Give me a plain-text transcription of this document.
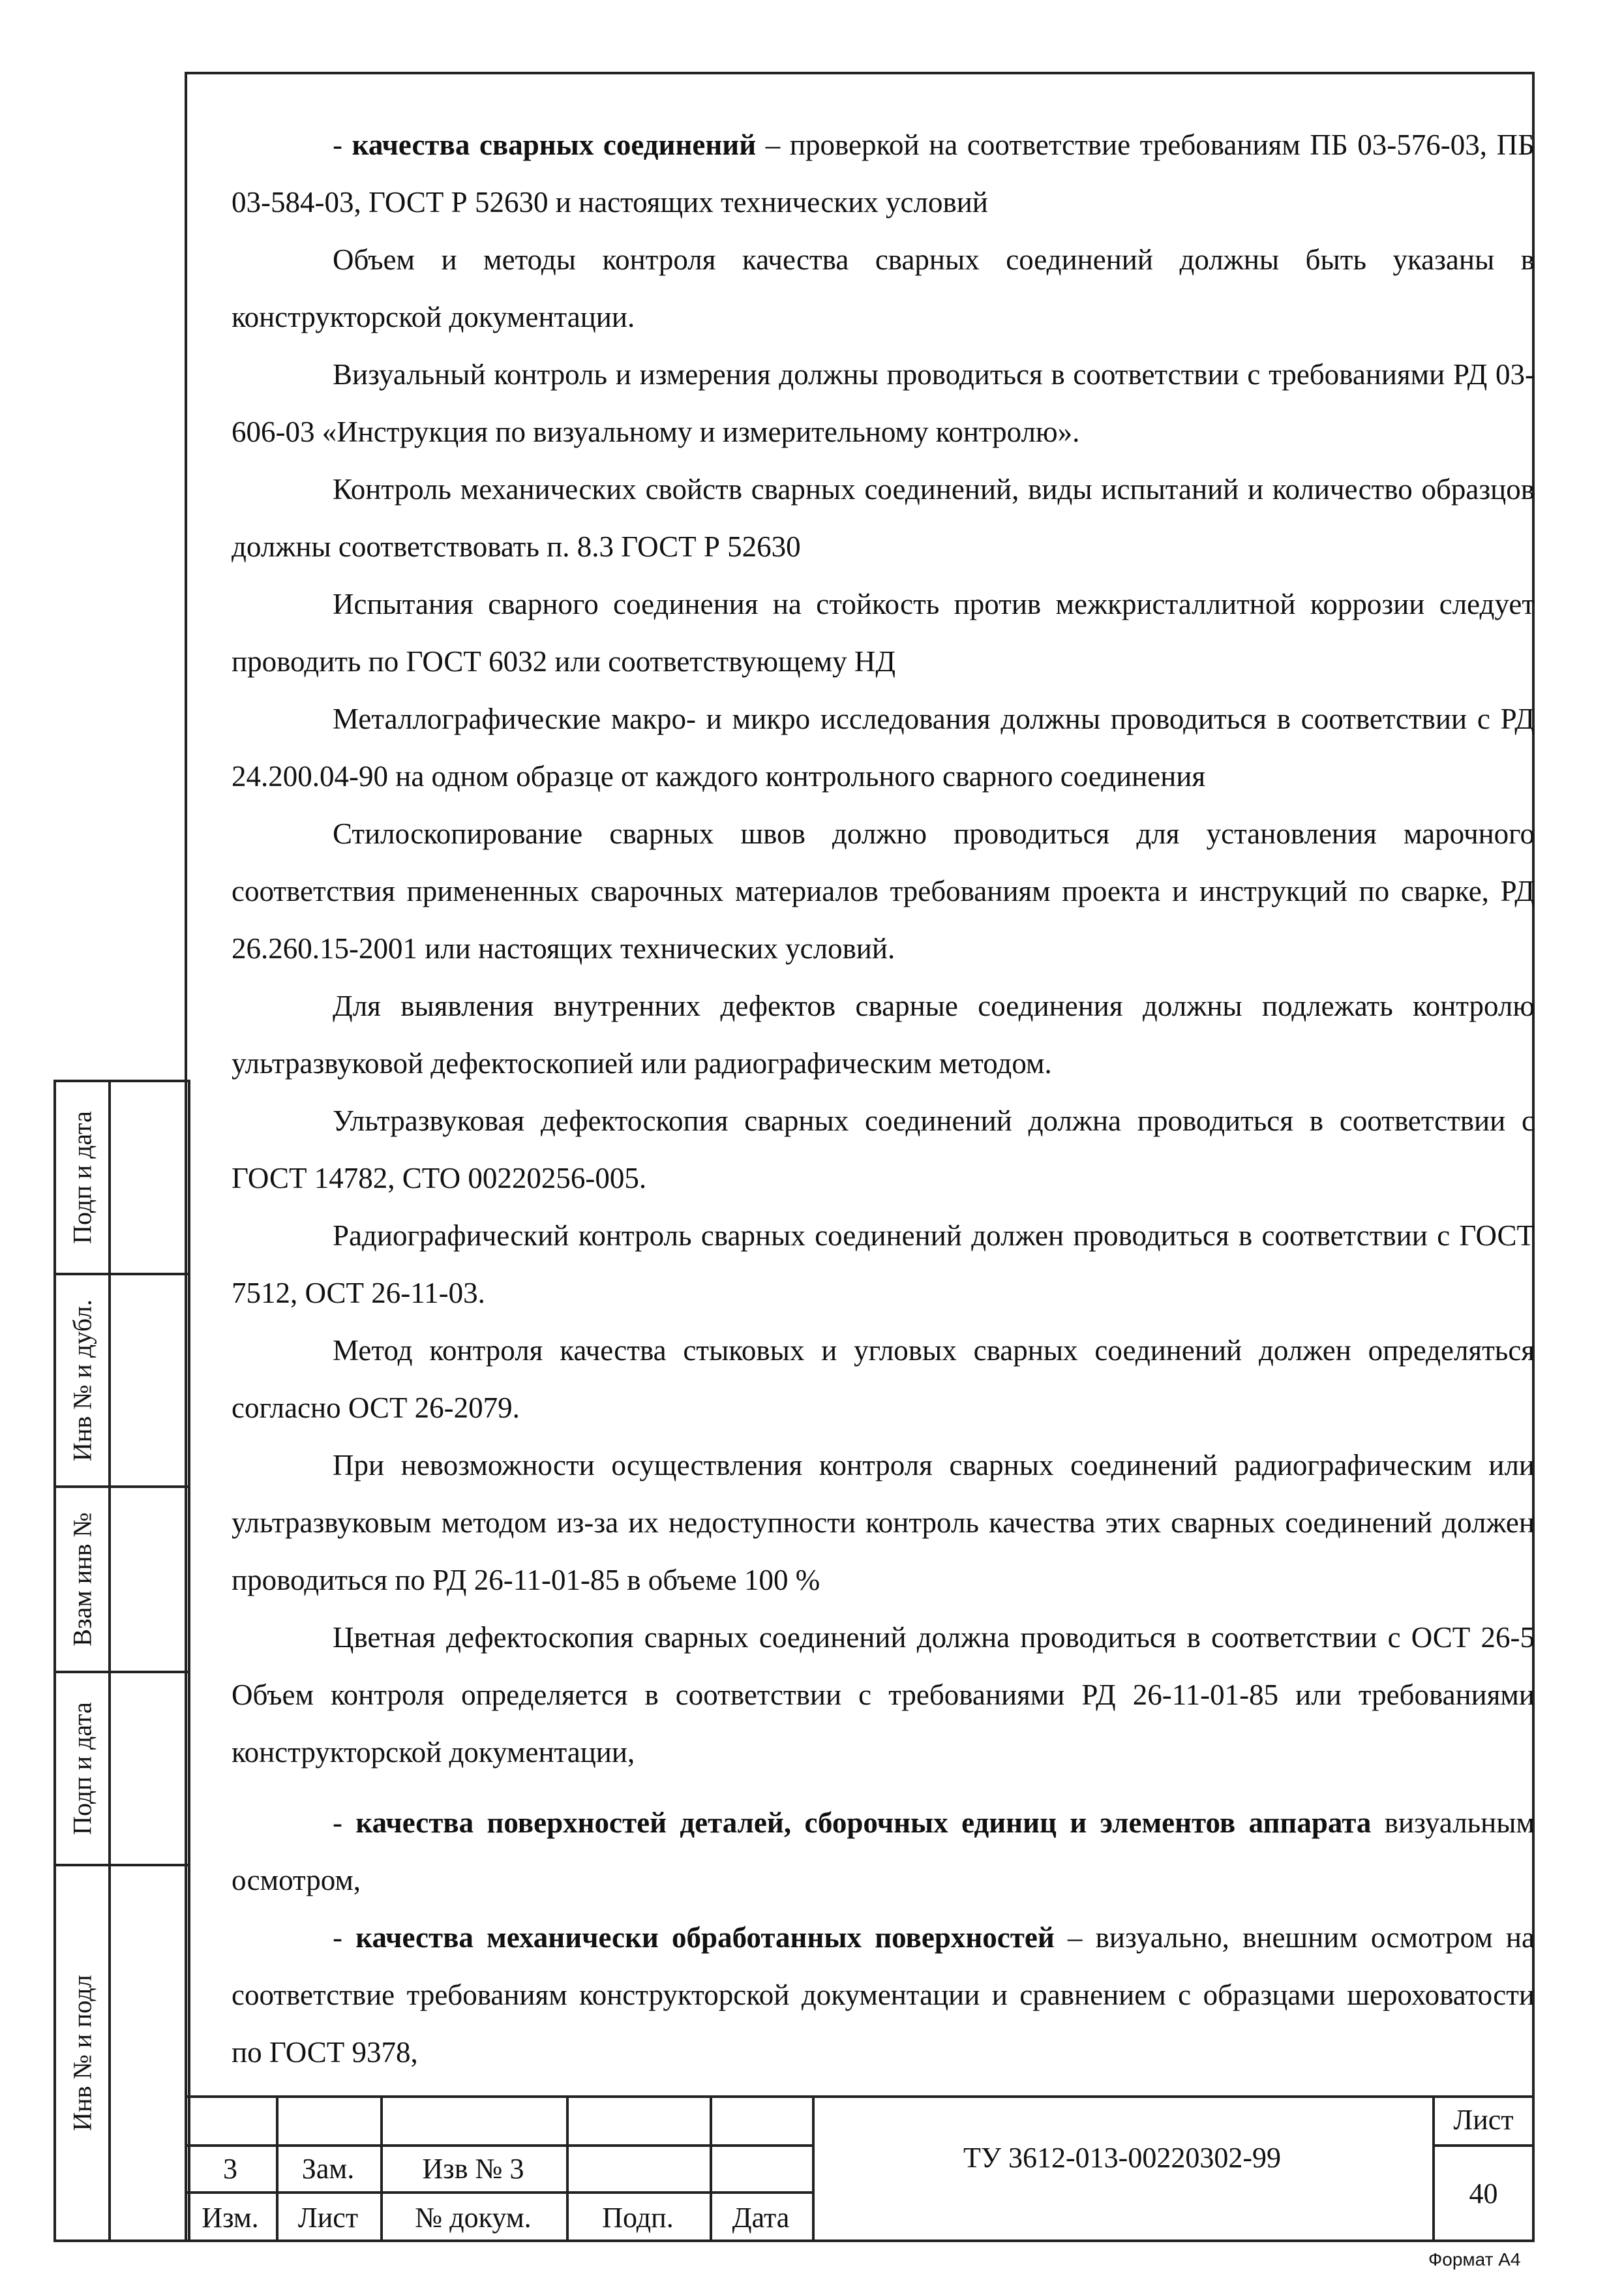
- качества сварных соединений – проверкой на соответствие требованиям ПБ 03-576-03, ПБ 03-584-03, ГОСТ Р 52630 и настоящих технических условий

Объем и методы контроля качества сварных соединений должны быть указаны в конструкторской документации.

Визуальный контроль и измерения должны проводиться в соответствии с требованиями РД 03-606-03 «Инструкция по визуальному и измерительному контролю».

Контроль механических свойств сварных соединений, виды испытаний и количество образцов должны соответствовать п. 8.3 ГОСТ Р 52630

Испытания сварного соединения на стойкость против межкристаллитной коррозии следует проводить по ГОСТ 6032 или соответствующему НД

Металлографические макро- и микро исследования должны проводиться в соответствии с РД 24.200.04-90 на одном образце от каждого контрольного сварного соединения

Стилоскопирование сварных швов должно проводиться для установления марочного соответствия примененных сварочных материалов требованиям проекта и инструкций по сварке, РД 26.260.15-2001 или настоящих технических условий.

Для выявления внутренних дефектов сварные соединения должны подлежать контролю ультразвуковой дефектоскопией или радиографическим методом.

Ультразвуковая дефектоскопия сварных соединений должна проводиться в соответствии с ГОСТ 14782, СТО 00220256-005.

Радиографический контроль сварных соединений должен проводиться в соответствии с ГОСТ 7512, ОСТ 26-11-03.

Метод контроля качества стыковых и угловых сварных соединений должен определяться согласно ОСТ 26-2079.

При невозможности осуществления контроля сварных соединений радиографическим или ультразвуковым методом из-за их недоступности контроль качества этих сварных соединений должен проводиться по РД 26-11-01-85 в объеме 100 %

Цветная дефектоскопия сварных соединений должна проводиться в соответствии с ОСТ 26-5 Объем контроля определяется в соответствии с требованиями РД 26-11-01-85 или требованиями конструкторской документации,

- качества поверхностей деталей, сборочных единиц и элементов аппарата визуальным осмотром,

- качества механически обработанных поверхностей – визуально, внешним осмотром на соответствие требованиям конструкторской документации и сравнением с образцами шероховатости по ГОСТ 9378,

Подп и дата
Инв № и дубл.
Взам инв №
Подп и дата
Инв № и подл
3	Зам.	Изв № 3
Изм.	Лист	№ докум.	Подп.	Дата
ТУ 3612-013-00220302-99
Лист
40
Формат А4
